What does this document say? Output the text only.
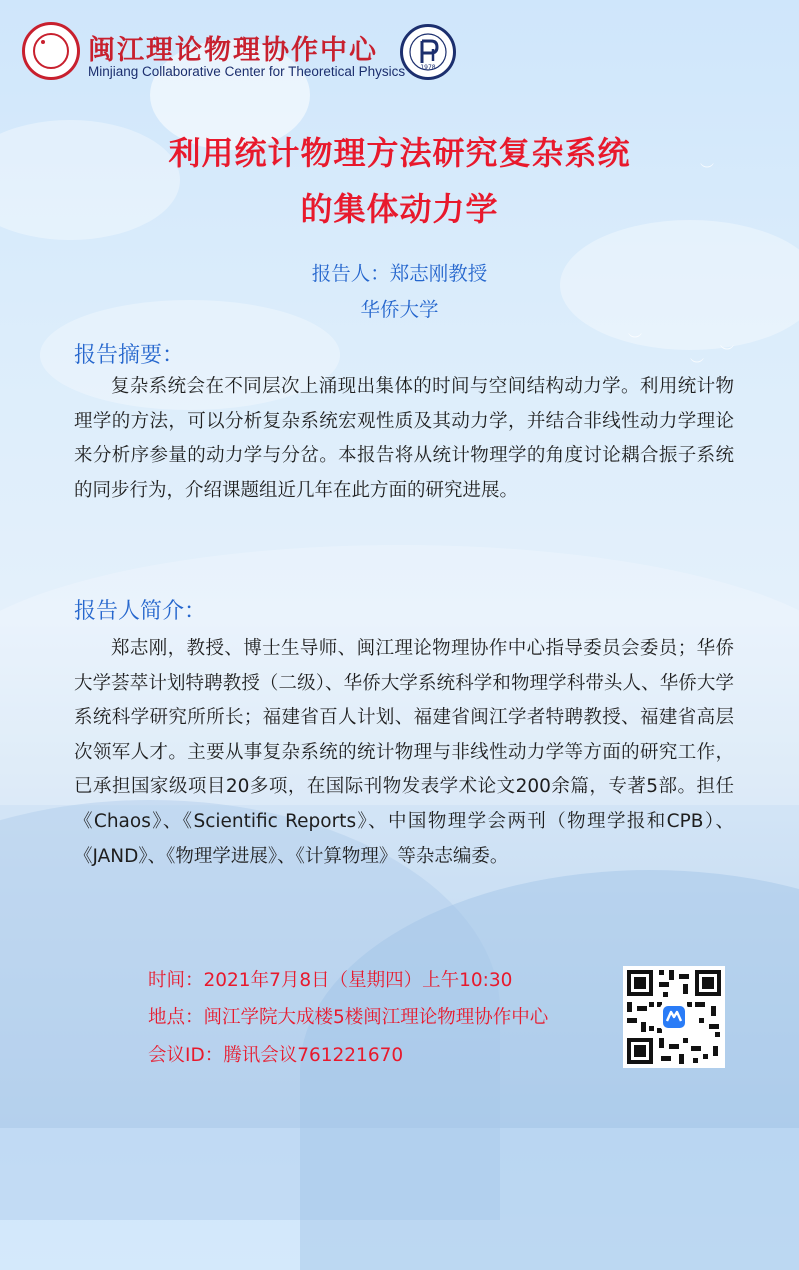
︶
︶
︶
︶
闽江理论物理协作中心
Minjiang Collaborative Center for Theoretical Physics	1978
利用统计物理方法研究复杂系统
的集体动力学
报告人：郑志刚教授
华侨大学
报告摘要：
复杂系统会在不同层次上涌现出集体的时间与空间结构动力学。利用统计物理学的方法，可以分析复杂系统宏观性质及其动力学，并结合非线性动力学理论来分析序参量的动力学与分岔。本报告将从统计物理学的角度讨论耦合振子系统的同步行为，介绍课题组近几年在此方面的研究进展。
报告人简介：
郑志刚，教授、博士生导师、闽江理论物理协作中心指导委员会委员；华侨大学荟萃计划特聘教授（二级）、华侨大学系统科学和物理学科带头人、华侨大学系统科学研究所所长；福建省百人计划、福建省闽江学者特聘教授、福建省高层次领军人才。主要从事复杂系统的统计物理与非线性动力学等方面的研究工作，已承担国家级项目20多项，在国际刊物发表学术论文200余篇，专著5部。担任《Chaos》、《Scientific Reports》、中国物理学会两刊（物理学报和CPB）、《JAND》、《物理学进展》、《计算物理》等杂志编委。
时间：2021年7月8日（星期四）上午10:30
地点：闽江学院大成楼5楼闽江理论物理协作中心
会议ID：腾讯会议761221670
